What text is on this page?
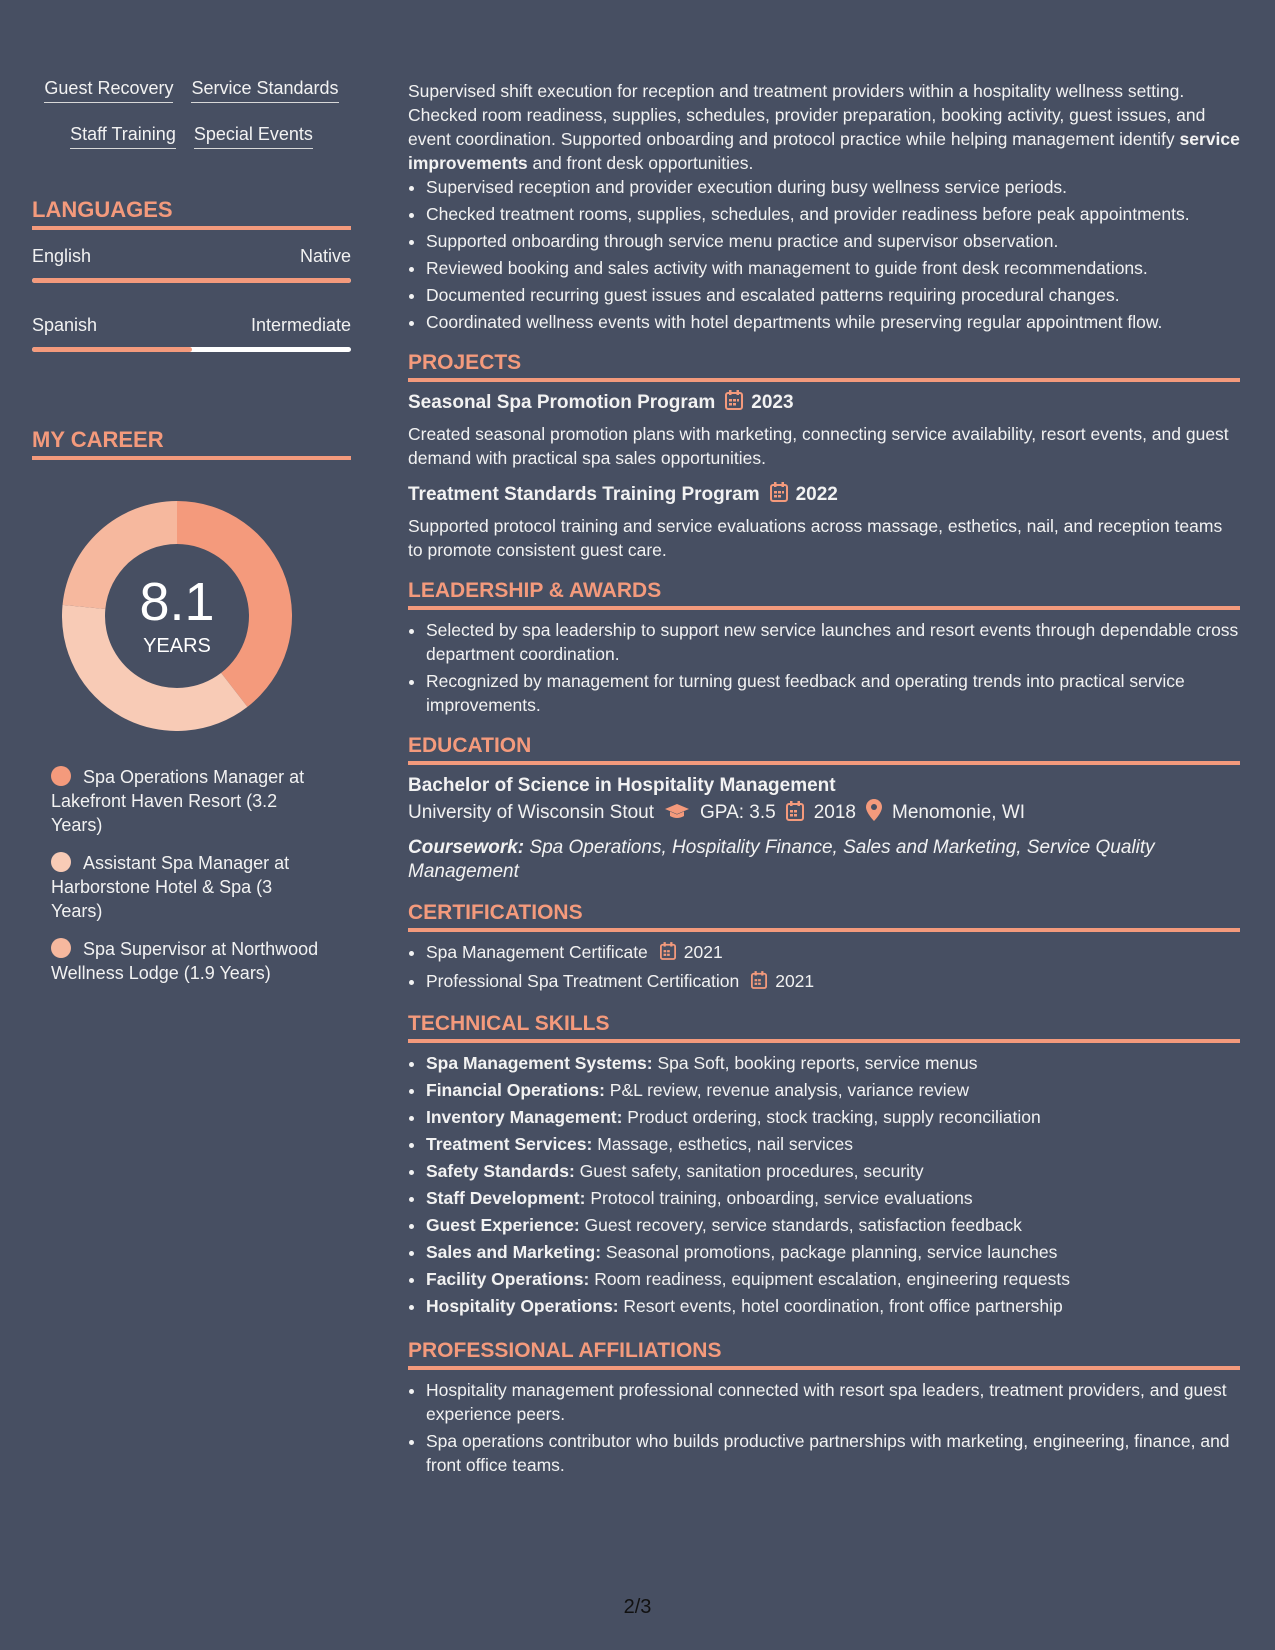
Guest Recovery Service Standards
Staff Training Special Events
LANGUAGES
English	Native
Spanish	Intermediate
MY CAREER
8.1
YEARS
Spa Operations Manager at Lakefront Haven Resort (3.2 Years)
Assistant Spa Manager at Harborstone Hotel & Spa (3 Years)
Spa Supervisor at Northwood Wellness Lodge (1.9 Years)

Supervised shift execution for reception and treatment providers within a hospitality wellness setting. Checked room readiness, supplies, schedules, provider preparation, booking activity, guest issues, and event coordination. Supported onboarding and protocol practice while helping management identify service improvements and front desk opportunities.

• Supervised reception and provider execution during busy wellness service periods.
• Checked treatment rooms, supplies, schedules, and provider readiness before peak appointments.
• Supported onboarding through service menu practice and supervisor observation.
• Reviewed booking and sales activity with management to guide front desk recommendations.
• Documented recurring guest issues and escalated patterns requiring procedural changes.
• Coordinated wellness events with hotel departments while preserving regular appointment flow.
PROJECTS
Seasonal Spa Promotion Program 2023
Created seasonal promotion plans with marketing, connecting service availability, resort events, and guest demand with practical spa sales opportunities.
Treatment Standards Training Program 2022
Supported protocol training and service evaluations across massage, esthetics, nail, and reception teams to promote consistent guest care.
LEADERSHIP & AWARDS
• Selected by spa leadership to support new service launches and resort events through dependable cross department coordination.
• Recognized by management for turning guest feedback and operating trends into practical service improvements.
EDUCATION
Bachelor of Science in Hospitality Management
University of Wisconsin Stout GPA: 3.5 2018 Menomonie, WI
Coursework: Spa Operations, Hospitality Finance, Sales and Marketing, Service Quality Management
CERTIFICATIONS
• Spa Management Certificate 2021
• Professional Spa Treatment Certification 2021
TECHNICAL SKILLS
• Spa Management Systems: Spa Soft, booking reports, service menus
• Financial Operations: P&L review, revenue analysis, variance review
• Inventory Management: Product ordering, stock tracking, supply reconciliation
• Treatment Services: Massage, esthetics, nail services
• Safety Standards: Guest safety, sanitation procedures, security
• Staff Development: Protocol training, onboarding, service evaluations
• Guest Experience: Guest recovery, service standards, satisfaction feedback
• Sales and Marketing: Seasonal promotions, package planning, service launches
• Facility Operations: Room readiness, equipment escalation, engineering requests
• Hospitality Operations: Resort events, hotel coordination, front office partnership
PROFESSIONAL AFFILIATIONS
• Hospitality management professional connected with resort spa leaders, treatment providers, and guest experience peers.
• Spa operations contributor who builds productive partnerships with marketing, engineering, finance, and front office teams.
2/3
